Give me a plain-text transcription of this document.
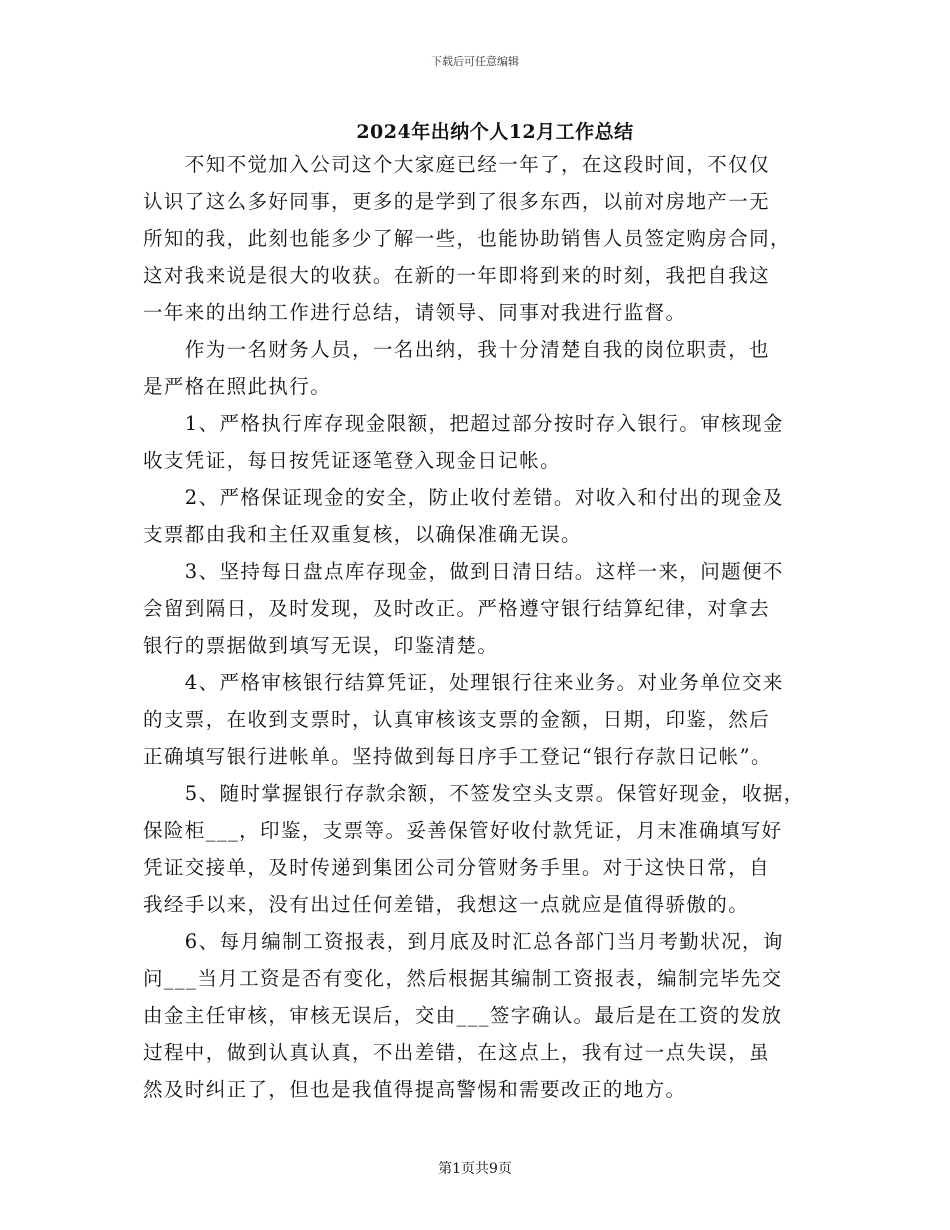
下载后可任意编辑
2024年出纳个人12月工作总结
　　不知不觉加入公司这个大家庭已经一年了，在这段时间，不仅仅
认识了这么多好同事，更多的是学到了很多东西，以前对房地产一无
所知的我，此刻也能多少了解一些，也能协助销售人员签定购房合同，
这对我来说是很大的收获。在新的一年即将到来的时刻，我把自我这
一年来的出纳工作进行总结，请领导、同事对我进行监督。
　　作为一名财务人员，一名出纳，我十分清楚自我的岗位职责，也
是严格在照此执行。
　　1、严格执行库存现金限额，把超过部分按时存入银行。审核现金
收支凭证，每日按凭证逐笔登入现金日记帐。
　　2、严格保证现金的安全，防止收付差错。对收入和付出的现金及
支票都由我和主任双重复核，以确保准确无误。
　　3、坚持每日盘点库存现金，做到日清日结。这样一来，问题便不
会留到隔日，及时发现，及时改正。严格遵守银行结算纪律，对拿去
银行的票据做到填写无误，印鉴清楚。
　　4、严格审核银行结算凭证，处理银行往来业务。对业务单位交来
的支票，在收到支票时，认真审核该支票的金额，日期，印鉴，然后
正确填写银行进帐单。坚持做到每日序手工登记“银行存款日记帐”。
　　5、随时掌握银行存款余额，不签发空头支票。保管好现金，收据，
保险柜___，印鉴，支票等。妥善保管好收付款凭证，月末准确填写好
凭证交接单，及时传递到集团公司分管财务手里。对于这快日常，自
我经手以来，没有出过任何差错，我想这一点就应是值得骄傲的。
　　6、每月编制工资报表，到月底及时汇总各部门当月考勤状况，询
问___当月工资是否有变化，然后根据其编制工资报表，编制完毕先交
由金主任审核，审核无误后，交由___签字确认。最后是在工资的发放
过程中，做到认真认真，不出差错，在这点上，我有过一点失误，虽
然及时纠正了，但也是我值得提高警惕和需要改正的地方。
第1页共9页
